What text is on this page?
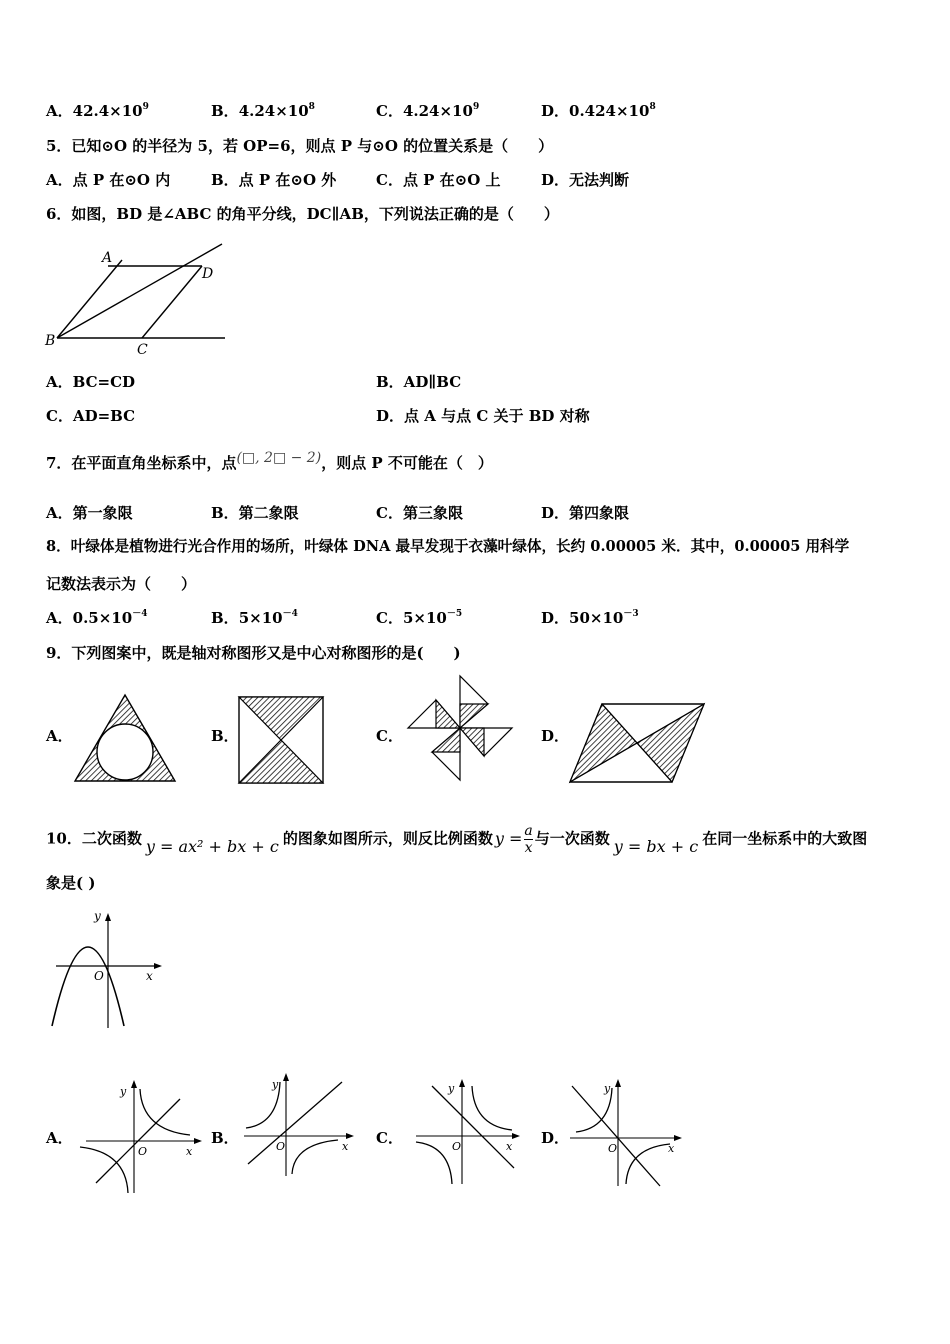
A．$42.4\times 10^9$	B．$4.24\times 10^8$	C．$4.24\times 10^9$	D．$0.424\times 10^8$
5．已知⊙O 的半径为 5，若 OP=6，则点 P 与⊙O 的位置关系是（　　）
A．点 P 在⊙O 内	B．点 P 在⊙O 外	C．点 P 在⊙O 上	D．无法判断
6．如图，BD 是∠ABC 的角平分线，DC∥AB，下列说法正确的是（　　）
A
D
B
C
A．BC=CD	B．AD∥BC
C．AD=BC	D．点 A 与点 C 关于 BD 对称
7．在平面直角坐标系中，点(□, 2□ − 2)，则点 P 不可能在（　）
A．第一象限	B．第二象限	C．第三象限	D．第四象限
8．叶绿体是植物进行光合作用的场所，叶绿体 DNA 最早发现于衣藻叶绿体，长约 0.00005 米．其中，0.00005 用科学
记数法表示为（　　）
A．$0.5\times 10^{-4}$	B．$5\times 10^{-4}$	C．$5\times 10^{-5}$	D．$50\times 10^{-3}$
9．下列图案中，既是轴对称图形又是中心对称图形的是(　　)
A．	B．	C．	D．
10．二次函数 y = ax² + bx + c 的图象如图所示，则反比例函数 $y = \frac{a}{x}$ 与一次函数 y = bx + c 在同一坐标系中的大致图
象是( )
x
y
O
A．	B．	C．	D．
x
y
O	x
y
O	x
y
O	x
y
O
